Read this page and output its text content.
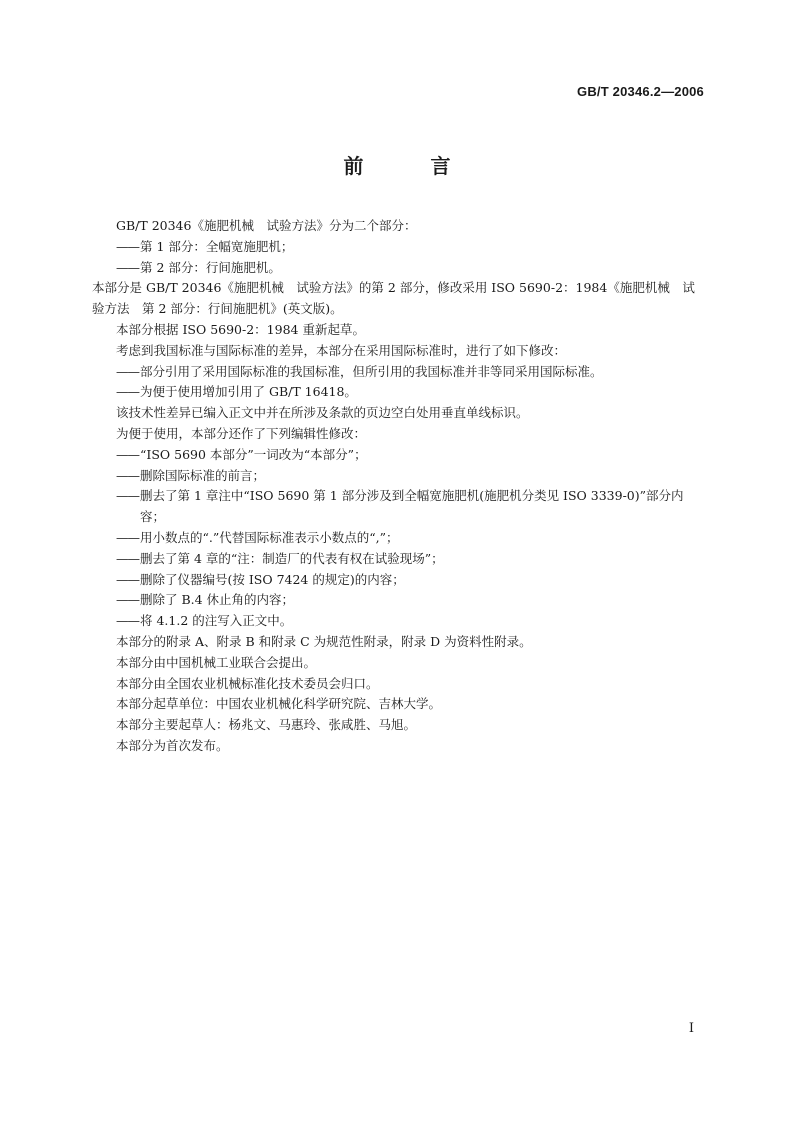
GB/T 20346.2—2006
前 言

GB/T 20346《施肥机械　试验方法》分为二个部分：

——第 1 部分：全幅宽施肥机；

——第 2 部分：行间施肥机。

本部分是 GB/T 20346《施肥机械　试验方法》的第 2 部分，修改采用 ISO 5690-2：1984《施肥机械　试验方法　第 2 部分：行间施肥机》(英文版)。

本部分根据 ISO 5690-2：1984 重新起草。

考虑到我国标准与国际标准的差异，本部分在采用国际标准时，进行了如下修改：

——部分引用了采用国际标准的我国标准，但所引用的我国标准并非等同采用国际标准。

——为便于使用增加引用了 GB/T 16418。

该技术性差异已编入正文中并在所涉及条款的页边空白处用垂直单线标识。

为便于使用，本部分还作了下列编辑性修改：

——“ISO 5690 本部分”一词改为“本部分”；

——删除国际标准的前言；

——删去了第 1 章注中“ISO 5690 第 1 部分涉及到全幅宽施肥机(施肥机分类见 ISO 3339-0)”部分内容；

——用小数点的“.”代替国际标准表示小数点的“,”；

——删去了第 4 章的“注：制造厂的代表有权在试验现场”；

——删除了仪器编号(按 ISO 7424 的规定)的内容；

——删除了 B.4 休止角的内容；

——将 4.1.2 的注写入正文中。

本部分的附录 A、附录 B 和附录 C 为规范性附录，附录 D 为资料性附录。

本部分由中国机械工业联合会提出。

本部分由全国农业机械标准化技术委员会归口。

本部分起草单位：中国农业机械化科学研究院、吉林大学。

本部分主要起草人：杨兆文、马惠玲、张咸胜、马旭。

本部分为首次发布。

I
